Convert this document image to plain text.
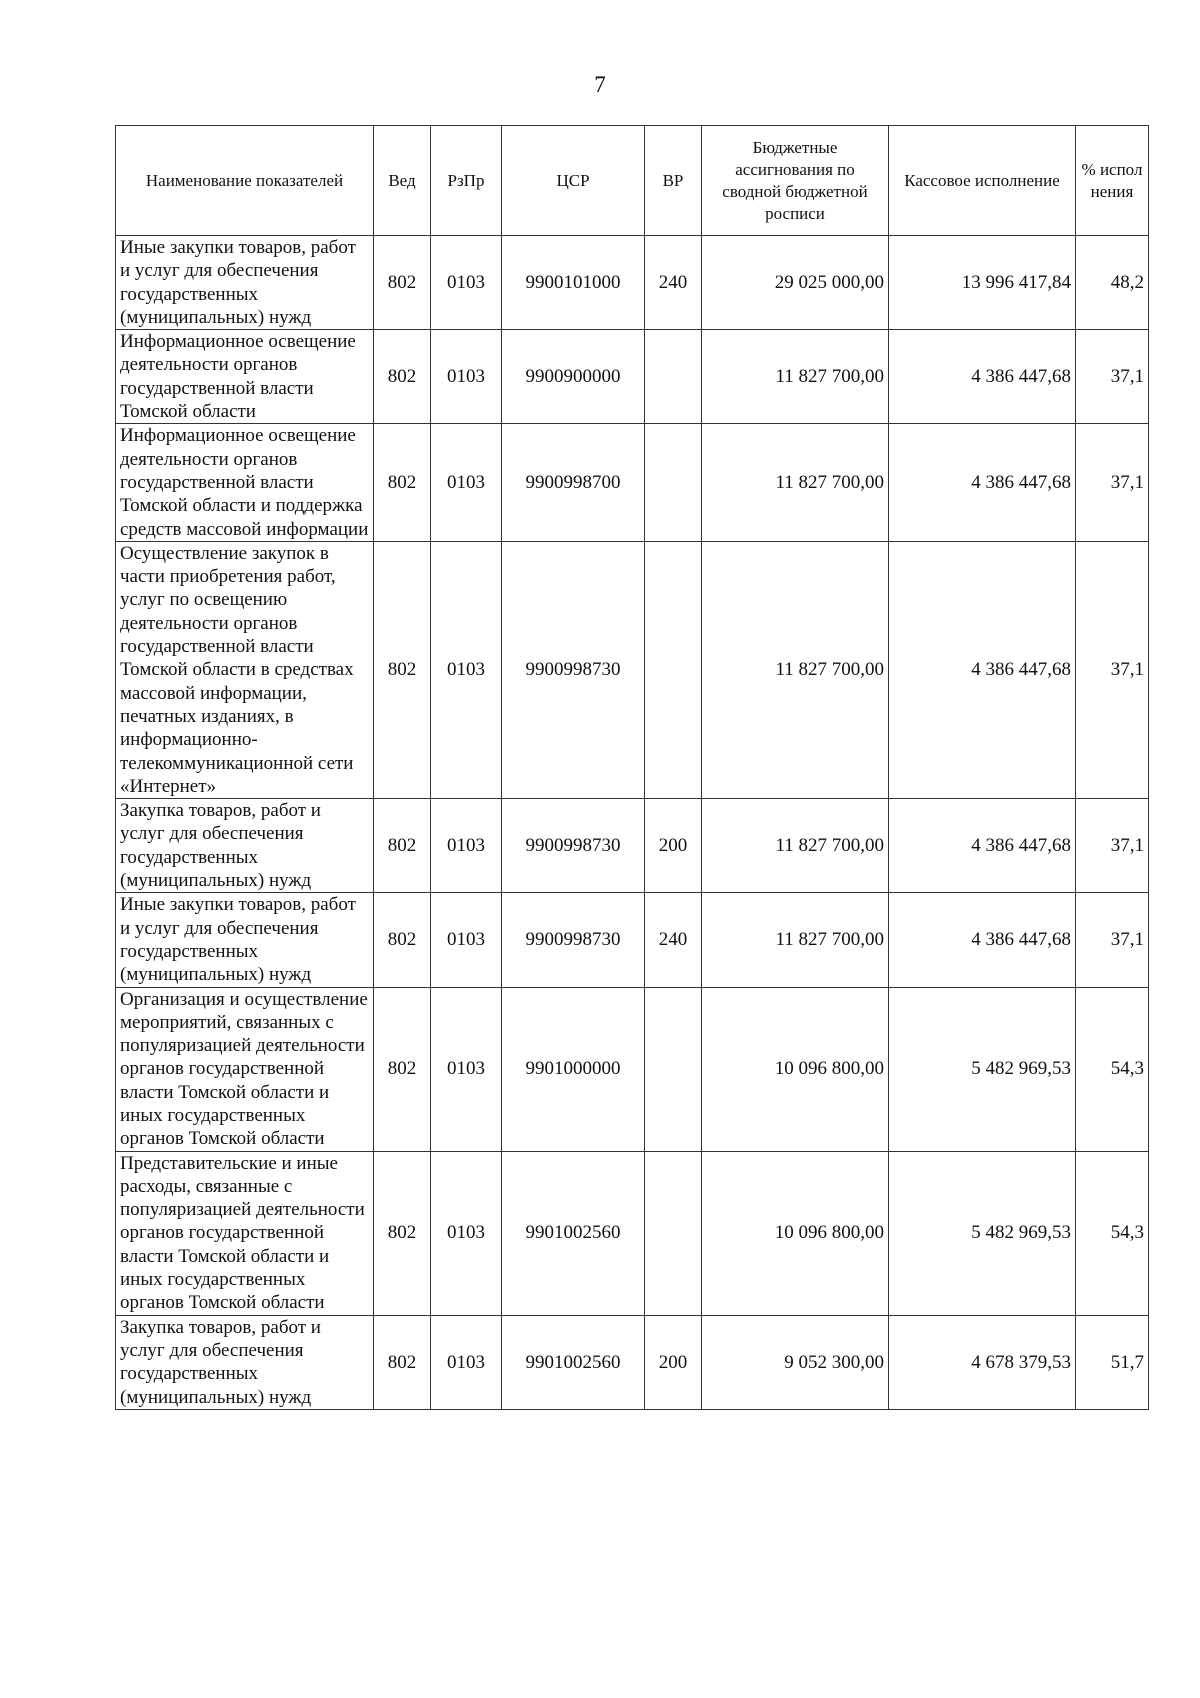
7
Наименование показателей	Вед	РзПр	ЦСР	ВР	Бюджетные ассигнования по сводной бюджетной росписи	Кассовое исполнение	% испол нения
Иные закупки товаров, работ и услуг для обеспечения государственных (муниципальных) нужд	802	0103	9900101000	240	29 025 000,00	13 996 417,84	48,2
Информационное освещение деятельности органов государственной власти Томской области	802	0103	9900900000		11 827 700,00	4 386 447,68	37,1
Информационное освещение деятельности органов государственной власти Томской области и поддержка средств массовой информации	802	0103	9900998700		11 827 700,00	4 386 447,68	37,1
Осуществление закупок в части приобретения работ, услуг по освещению деятельности органов государственной власти Томской области в средствах массовой информации, печатных изданиях, в информационно-телекоммуникационной сети «Интернет»	802	0103	9900998730		11 827 700,00	4 386 447,68	37,1
Закупка товаров, работ и услуг для обеспечения государственных (муниципальных) нужд	802	0103	9900998730	200	11 827 700,00	4 386 447,68	37,1
Иные закупки товаров, работ и услуг для обеспечения государственных (муниципальных) нужд	802	0103	9900998730	240	11 827 700,00	4 386 447,68	37,1
Организация и осуществление мероприятий, связанных с популяризацией деятельности органов государственной власти Томской области и иных государственных органов Томской области	802	0103	9901000000		10 096 800,00	5 482 969,53	54,3
Представительские и иные расходы, связанные с популяризацией деятельности органов государственной власти Томской области и иных государственных органов Томской области	802	0103	9901002560		10 096 800,00	5 482 969,53	54,3
Закупка товаров, работ и услуг для обеспечения государственных (муниципальных) нужд	802	0103	9901002560	200	9 052 300,00	4 678 379,53	51,7
